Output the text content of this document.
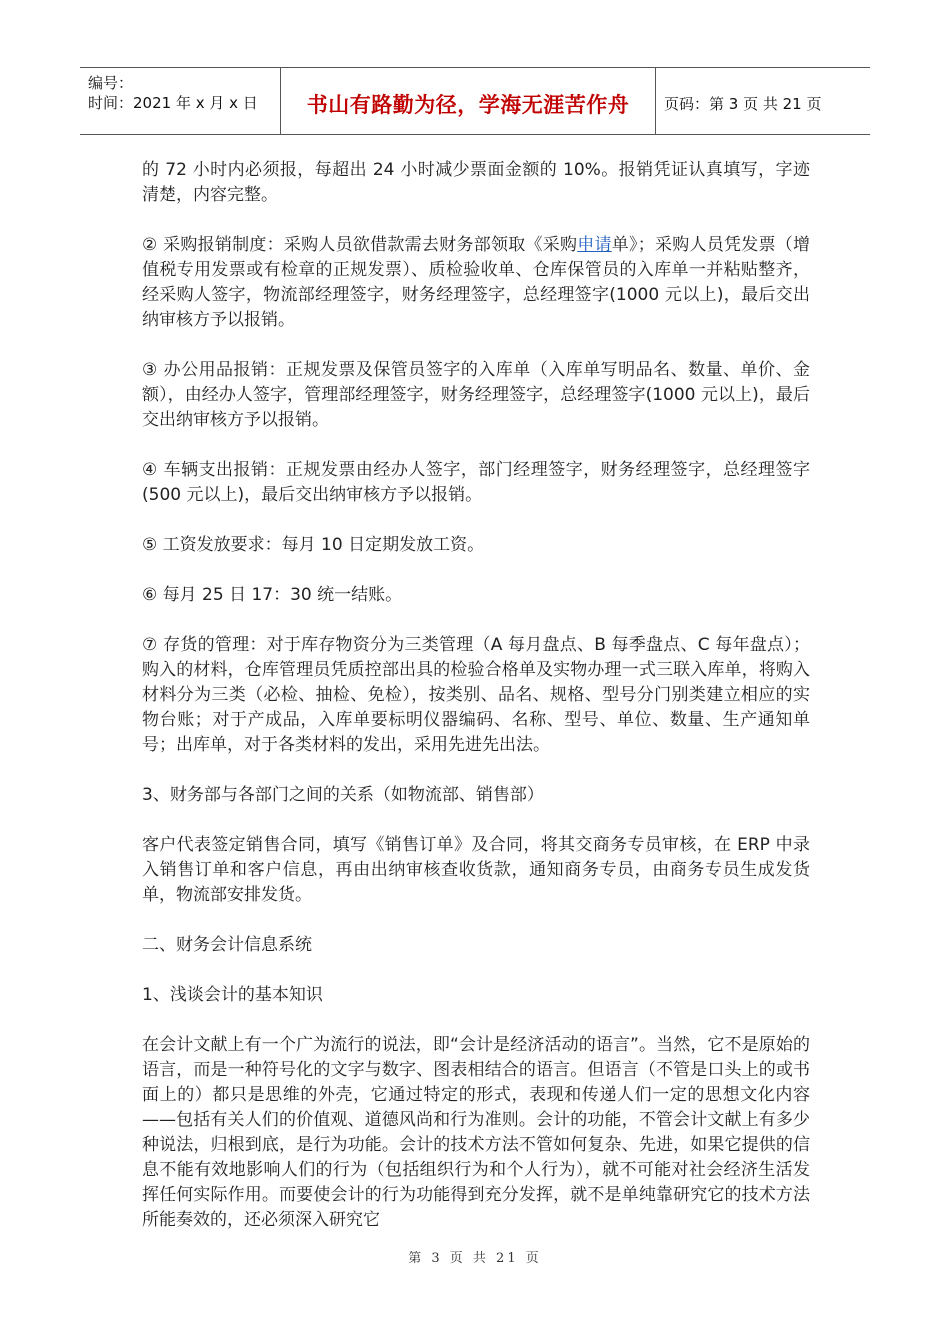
编号：
时间：2021 年 x 月 x 日	书山有路勤为径，学海无涯苦作舟	页码：第 3 页 共 21 页

的 72 小时内必须报，每超出 24 小时减少票面金额的 10%。报销凭证认真填写，字迹清楚，内容完整。

② 采购报销制度：采购人员欲借款需去财务部领取《采购申请单》；采购人员凭发票（增值税专用发票或有检章的正规发票）、质检验收单、仓库保管员的入库单一并粘贴整齐，经采购人签字，物流部经理签字，财务经理签字，总经理签字(1000 元以上)，最后交出纳审核方予以报销。

③ 办公用品报销：正规发票及保管员签字的入库单（入库单写明品名、数量、单价、金额），由经办人签字，管理部经理签字，财务经理签字，总经理签字(1000 元以上)，最后交出纳审核方予以报销。

④ 车辆支出报销：正规发票由经办人签字，部门经理签字，财务经理签字，总经理签字(500 元以上)，最后交出纳审核方予以报销。

⑤ 工资发放要求：每月 10 日定期发放工资。

⑥ 每月 25 日 17：30 统一结账。

⑦ 存货的管理：对于库存物资分为三类管理（A 每月盘点、B 每季盘点、C 每年盘点）；购入的材料，仓库管理员凭质控部出具的检验合格单及实物办理一式三联入库单，将购入材料分为三类（必检、抽检、免检），按类别、品名、规格、型号分门别类建立相应的实物台账；对于产成品，入库单要标明仪器编码、名称、型号、单位、数量、生产通知单号；出库单，对于各类材料的发出，采用先进先出法。

3、财务部与各部门之间的关系（如物流部、销售部）

客户代表签定销售合同，填写《销售订单》及合同，将其交商务专员审核，在 ERP 中录入销售订单和客户信息，再由出纳审核查收货款，通知商务专员，由商务专员生成发货单，物流部安排发货。

二、财务会计信息系统

1、浅谈会计的基本知识

在会计文献上有一个广为流行的说法，即“会计是经济活动的语言”。当然，它不是原始的语言，而是一种符号化的文字与数字、图表相结合的语言。但语言（不管是口头上的或书面上的）都只是思维的外壳，它通过特定的形式，表现和传递人们一定的思想文化内容——包括有关人们的价值观、道德风尚和行为准则。会计的功能，不管会计文献上有多少种说法，归根到底，是行为功能。会计的技术方法不管如何复杂、先进，如果它提供的信息不能有效地影响人们的行为（包括组织行为和个人行为），就不可能对社会经济生活发挥任何实际作用。而要使会计的行为功能得到充分发挥，就不是单纯靠研究它的技术方法所能奏效的，还必须深入研究它

第 3 页 共 21 页
